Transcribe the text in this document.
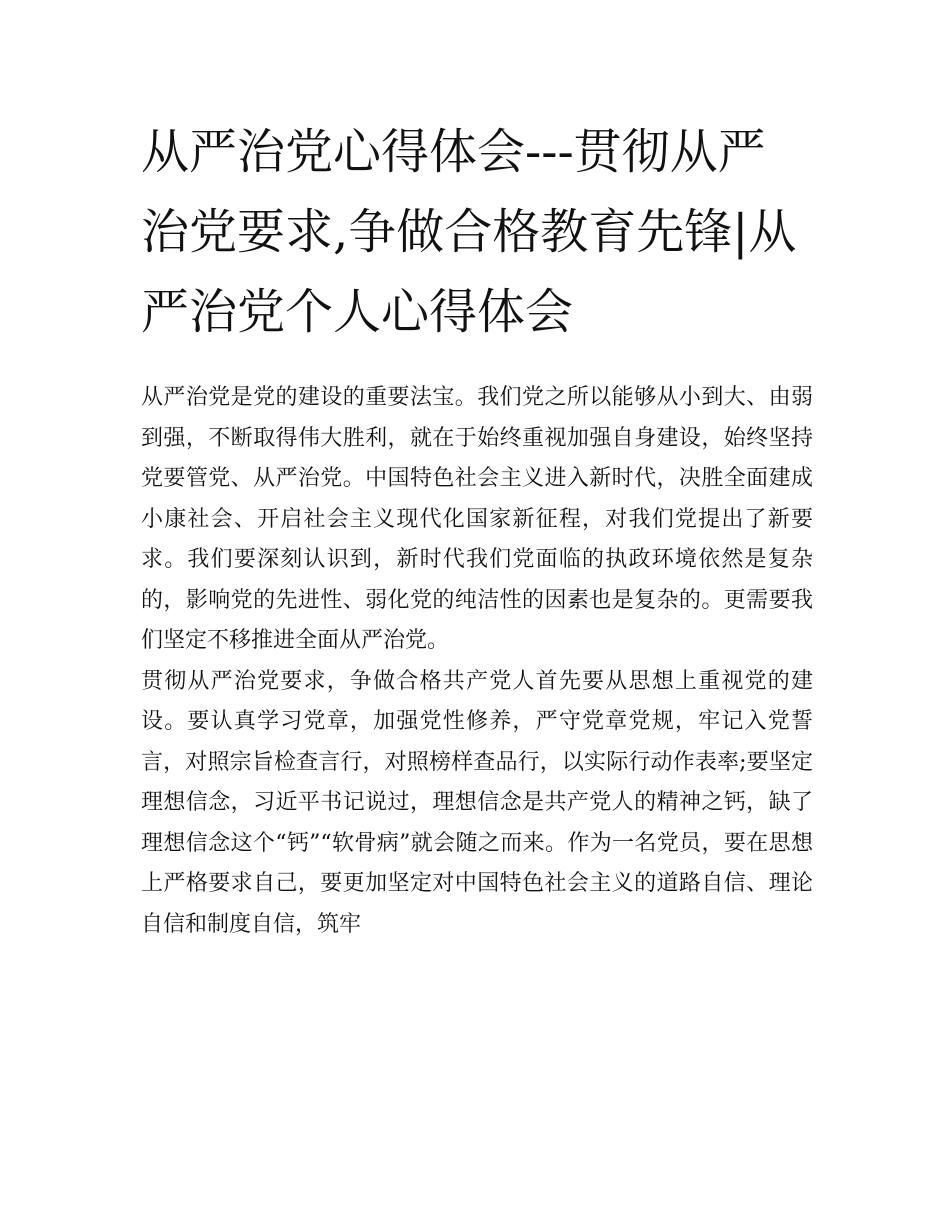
从严治党心得体会---贯彻从严治党要求,争做合格教育先锋|从严治党个人心得体会

从严治党是党的建设的重要法宝。我们党之所以能够从小到大、由弱到强，不断取得伟大胜利，就在于始终重视加强自身建设，始终坚持党要管党、从严治党。中国特色社会主义进入新时代，决胜全面建成小康社会、开启社会主义现代化国家新征程，对我们党提出了新要求。我们要深刻认识到，新时代我们党面临的执政环境依然是复杂的，影响党的先进性、弱化党的纯洁性的因素也是复杂的。更需要我们坚定不移推进全面从严治党。

贯彻从严治党要求，争做合格共产党人首先要从思想上重视党的建设。要认真学习党章，加强党性修养，严守党章党规，牢记入党誓言，对照宗旨检查言行，对照榜样查品行，以实际行动作表率;要坚定理想信念，习近平书记说过，理想信念是共产党人的精神之钙，缺了理想信念这个“钙”“软骨病”就会随之而来。作为一名党员，要在思想上严格要求自己，要更加坚定对中国特色社会主义的道路自信、理论自信和制度自信，筑牢
